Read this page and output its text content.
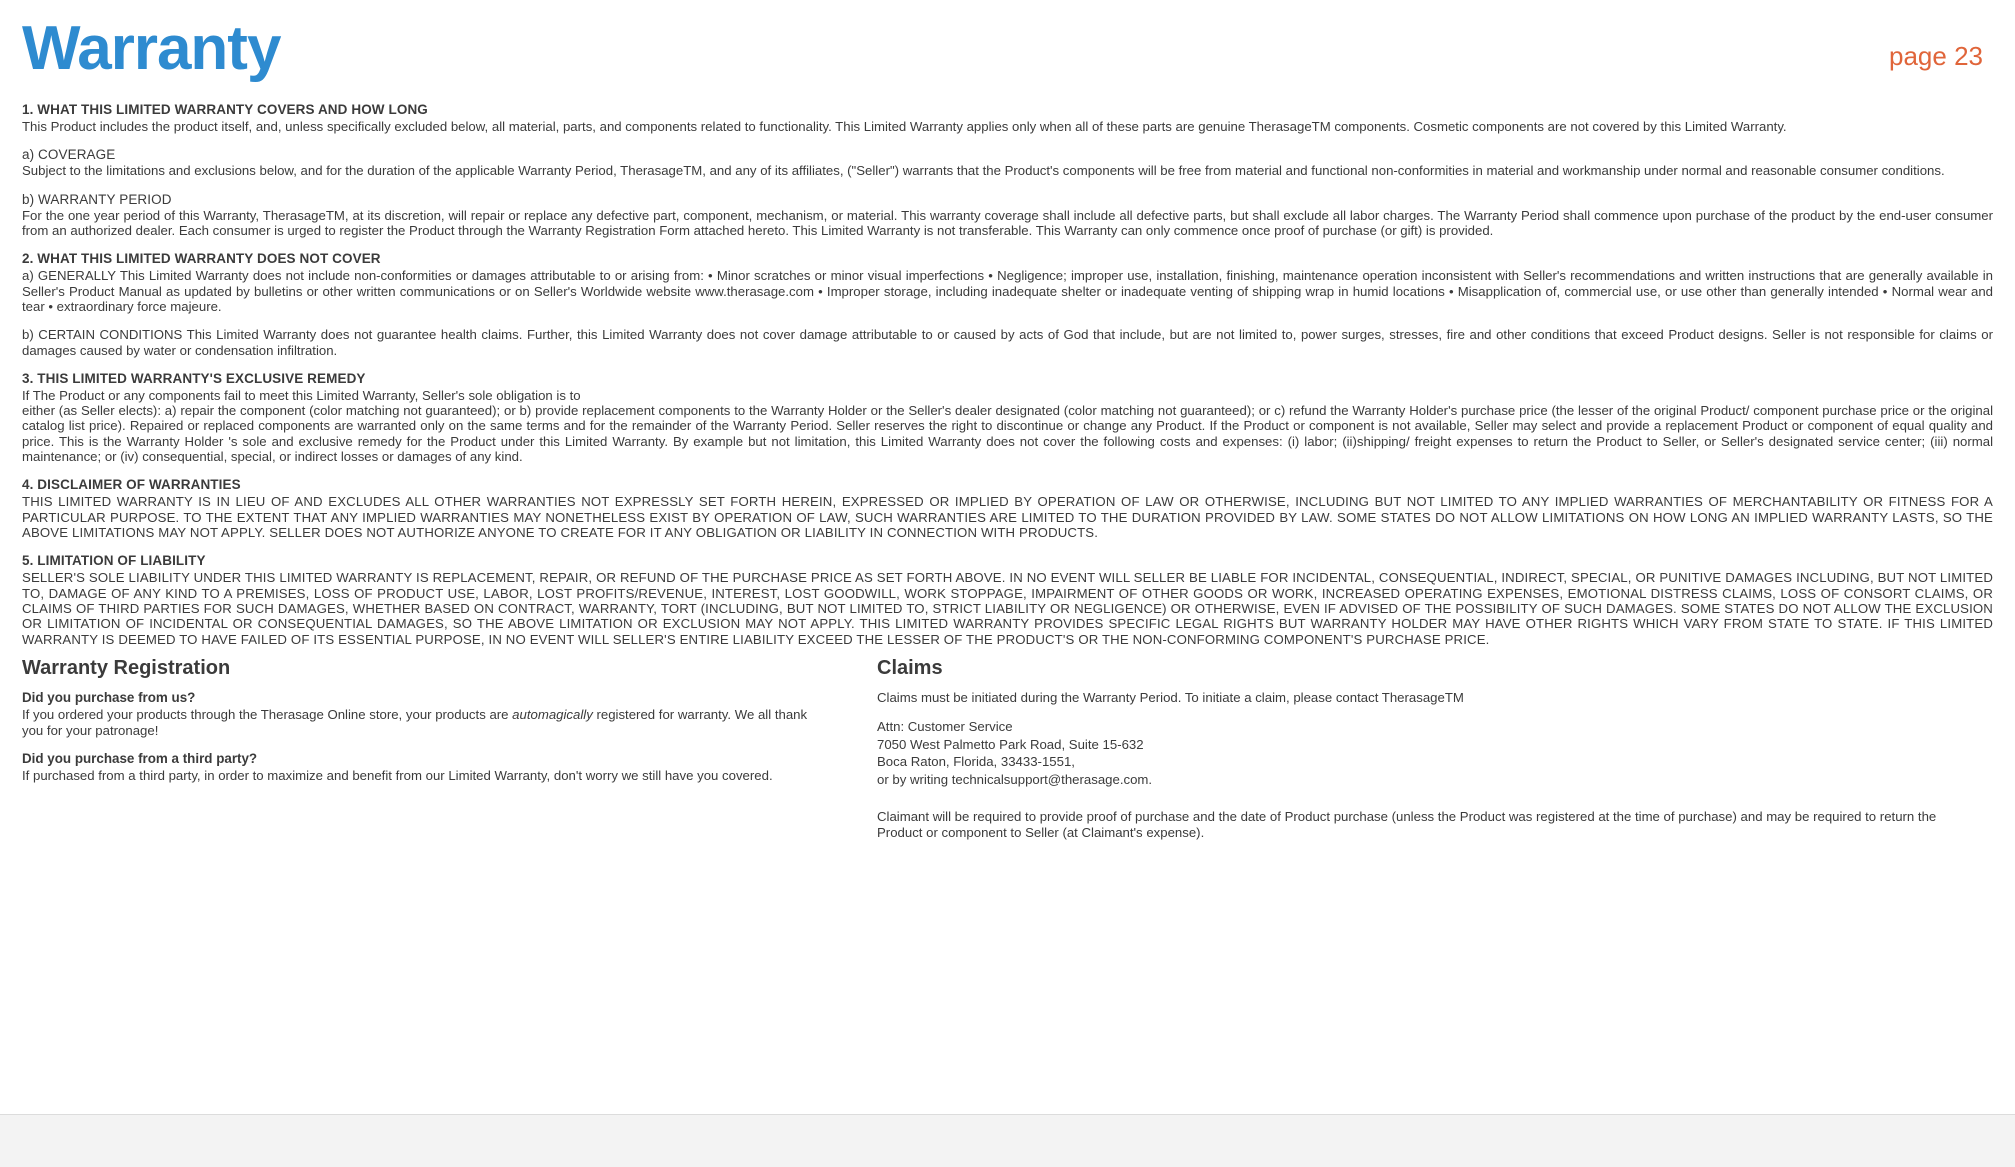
Warranty	page 23
1. WHAT THIS LIMITED WARRANTY COVERS AND HOW LONG

This Product includes the product itself, and, unless specifically excluded below, all material, parts, and components related to functionality. This Limited Warranty applies only when all of these parts are genuine TherasageTM components. Cosmetic components are not covered by this Limited Warranty.

a) COVERAGE

Subject to the limitations and exclusions below, and for the duration of the applicable Warranty Period, TherasageTM, and any of its affiliates, ("Seller") warrants that the Product's components will be free from material and functional non-conformities in material and workmanship under normal and reasonable consumer conditions.

b) WARRANTY PERIOD

For the one year period of this Warranty, TherasageTM, at its discretion, will repair or replace any defective part, component, mechanism, or material. This warranty coverage shall include all defective parts, but shall exclude all labor charges. The Warranty Period shall commence upon purchase of the product by the end-user consumer from an authorized dealer. Each consumer is urged to register the Product through the Warranty Registration Form attached hereto. This Limited Warranty is not transferable. This Warranty can only commence once proof of purchase (or gift) is provided.

2. WHAT THIS LIMITED WARRANTY DOES NOT COVER

a) GENERALLY This Limited Warranty does not include non-conformities or damages attributable to or arising from: • Minor scratches or minor visual imperfections • Negligence; improper use, installation, finishing, maintenance operation inconsistent with Seller's recommendations and written instructions that are generally available in Seller's Product Manual as updated by bulletins or other written communications or on Seller's Worldwide website www.therasage.com • Improper storage, including inadequate shelter or inadequate venting of shipping wrap in humid locations • Misapplication of, commercial use, or use other than generally intended • Normal wear and tear • extraordinary force majeure.

b) CERTAIN CONDITIONS This Limited Warranty does not guarantee health claims. Further, this Limited Warranty does not cover damage attributable to or caused by acts of God that include, but are not limited to, power surges, stresses, fire and other conditions that exceed Product designs. Seller is not responsible for claims or damages caused by water or condensation infiltration.

3. THIS LIMITED WARRANTY'S EXCLUSIVE REMEDY

If The Product or any components fail to meet this Limited Warranty, Seller's sole obligation is to

either (as Seller elects): a) repair the component (color matching not guaranteed); or b) provide replacement components to the Warranty Holder or the Seller's dealer designated (color matching not guaranteed); or c) refund the Warranty Holder's purchase price (the lesser of the original Product/ component purchase price or the original catalog list price). Repaired or replaced components are warranted only on the same terms and for the remainder of the Warranty Period. Seller reserves the right to discontinue or change any Product. If the Product or component is not available, Seller may select and provide a replacement Product or component of equal quality and price. This is the Warranty Holder 's sole and exclusive remedy for the Product under this Limited Warranty. By example but not limitation, this Limited Warranty does not cover the following costs and expenses: (i) labor; (ii)shipping/ freight expenses to return the Product to Seller, or Seller's designated service center; (iii) normal maintenance; or (iv) consequential, special, or indirect losses or damages of any kind.

4. DISCLAIMER OF WARRANTIES

THIS LIMITED WARRANTY IS IN LIEU OF AND EXCLUDES ALL OTHER WARRANTIES NOT EXPRESSLY SET FORTH HEREIN, EXPRESSED OR IMPLIED BY OPERATION OF LAW OR OTHERWISE, INCLUDING BUT NOT LIMITED TO ANY IMPLIED WARRANTIES OF MERCHANTABILITY OR FITNESS FOR A PARTICULAR PURPOSE. TO THE EXTENT THAT ANY IMPLIED WARRANTIES MAY NONETHELESS EXIST BY OPERATION OF LAW, SUCH WARRANTIES ARE LIMITED TO THE DURATION PROVIDED BY LAW. SOME STATES DO NOT ALLOW LIMITATIONS ON HOW LONG AN IMPLIED WARRANTY LASTS, SO THE ABOVE LIMITATIONS MAY NOT APPLY. SELLER DOES NOT AUTHORIZE ANYONE TO CREATE FOR IT ANY OBLIGATION OR LIABILITY IN CONNECTION WITH PRODUCTS.

5. LIMITATION OF LIABILITY

SELLER'S SOLE LIABILITY UNDER THIS LIMITED WARRANTY IS REPLACEMENT, REPAIR, OR REFUND OF THE PURCHASE PRICE AS SET FORTH ABOVE. IN NO EVENT WILL SELLER BE LIABLE FOR INCIDENTAL, CONSEQUENTIAL, INDIRECT, SPECIAL, OR PUNITIVE DAMAGES INCLUDING, BUT NOT LIMITED TO, DAMAGE OF ANY KIND TO A PREMISES, LOSS OF PRODUCT USE, LABOR, LOST PROFITS/REVENUE, INTEREST, LOST GOODWILL, WORK STOPPAGE, IMPAIRMENT OF OTHER GOODS OR WORK, INCREASED OPERATING EXPENSES, EMOTIONAL DISTRESS CLAIMS, LOSS OF CONSORT CLAIMS, OR CLAIMS OF THIRD PARTIES FOR SUCH DAMAGES, WHETHER BASED ON CONTRACT, WARRANTY, TORT (INCLUDING, BUT NOT LIMITED TO, STRICT LIABILITY OR NEGLIGENCE) OR OTHERWISE, EVEN IF ADVISED OF THE POSSIBILITY OF SUCH DAMAGES. SOME STATES DO NOT ALLOW THE EXCLUSION OR LIMITATION OF INCIDENTAL OR CONSEQUENTIAL DAMAGES, SO THE ABOVE LIMITATION OR EXCLUSION MAY NOT APPLY. THIS LIMITED WARRANTY PROVIDES SPECIFIC LEGAL RIGHTS BUT WARRANTY HOLDER MAY HAVE OTHER RIGHTS WHICH VARY FROM STATE TO STATE. IF THIS LIMITED WARRANTY IS DEEMED TO HAVE FAILED OF ITS ESSENTIAL PURPOSE, IN NO EVENT WILL SELLER'S ENTIRE LIABILITY EXCEED THE LESSER OF THE PRODUCT'S OR THE NON-CONFORMING COMPONENT'S PURCHASE PRICE.

Warranty Registration
Did you purchase from us?

If you ordered your products through the Therasage Online store, your products are automagically registered for warranty. We all thank you for your patronage!

Did you purchase from a third party?

If purchased from a third party, in order to maximize and benefit from our Limited Warranty, don't worry we still have you covered.

Claims

Claims must be initiated during the Warranty Period. To initiate a claim, please contact TherasageTM

Attn: Customer Service

7050 West Palmetto Park Road, Suite 15-632

Boca Raton, Florida, 33433-1551,

or by writing technicalsupport@therasage.com.

Claimant will be required to provide proof of purchase and the date of Product purchase (unless the Product was registered at the time of purchase) and may be required to return the Product or component to Seller (at Claimant's expense).
